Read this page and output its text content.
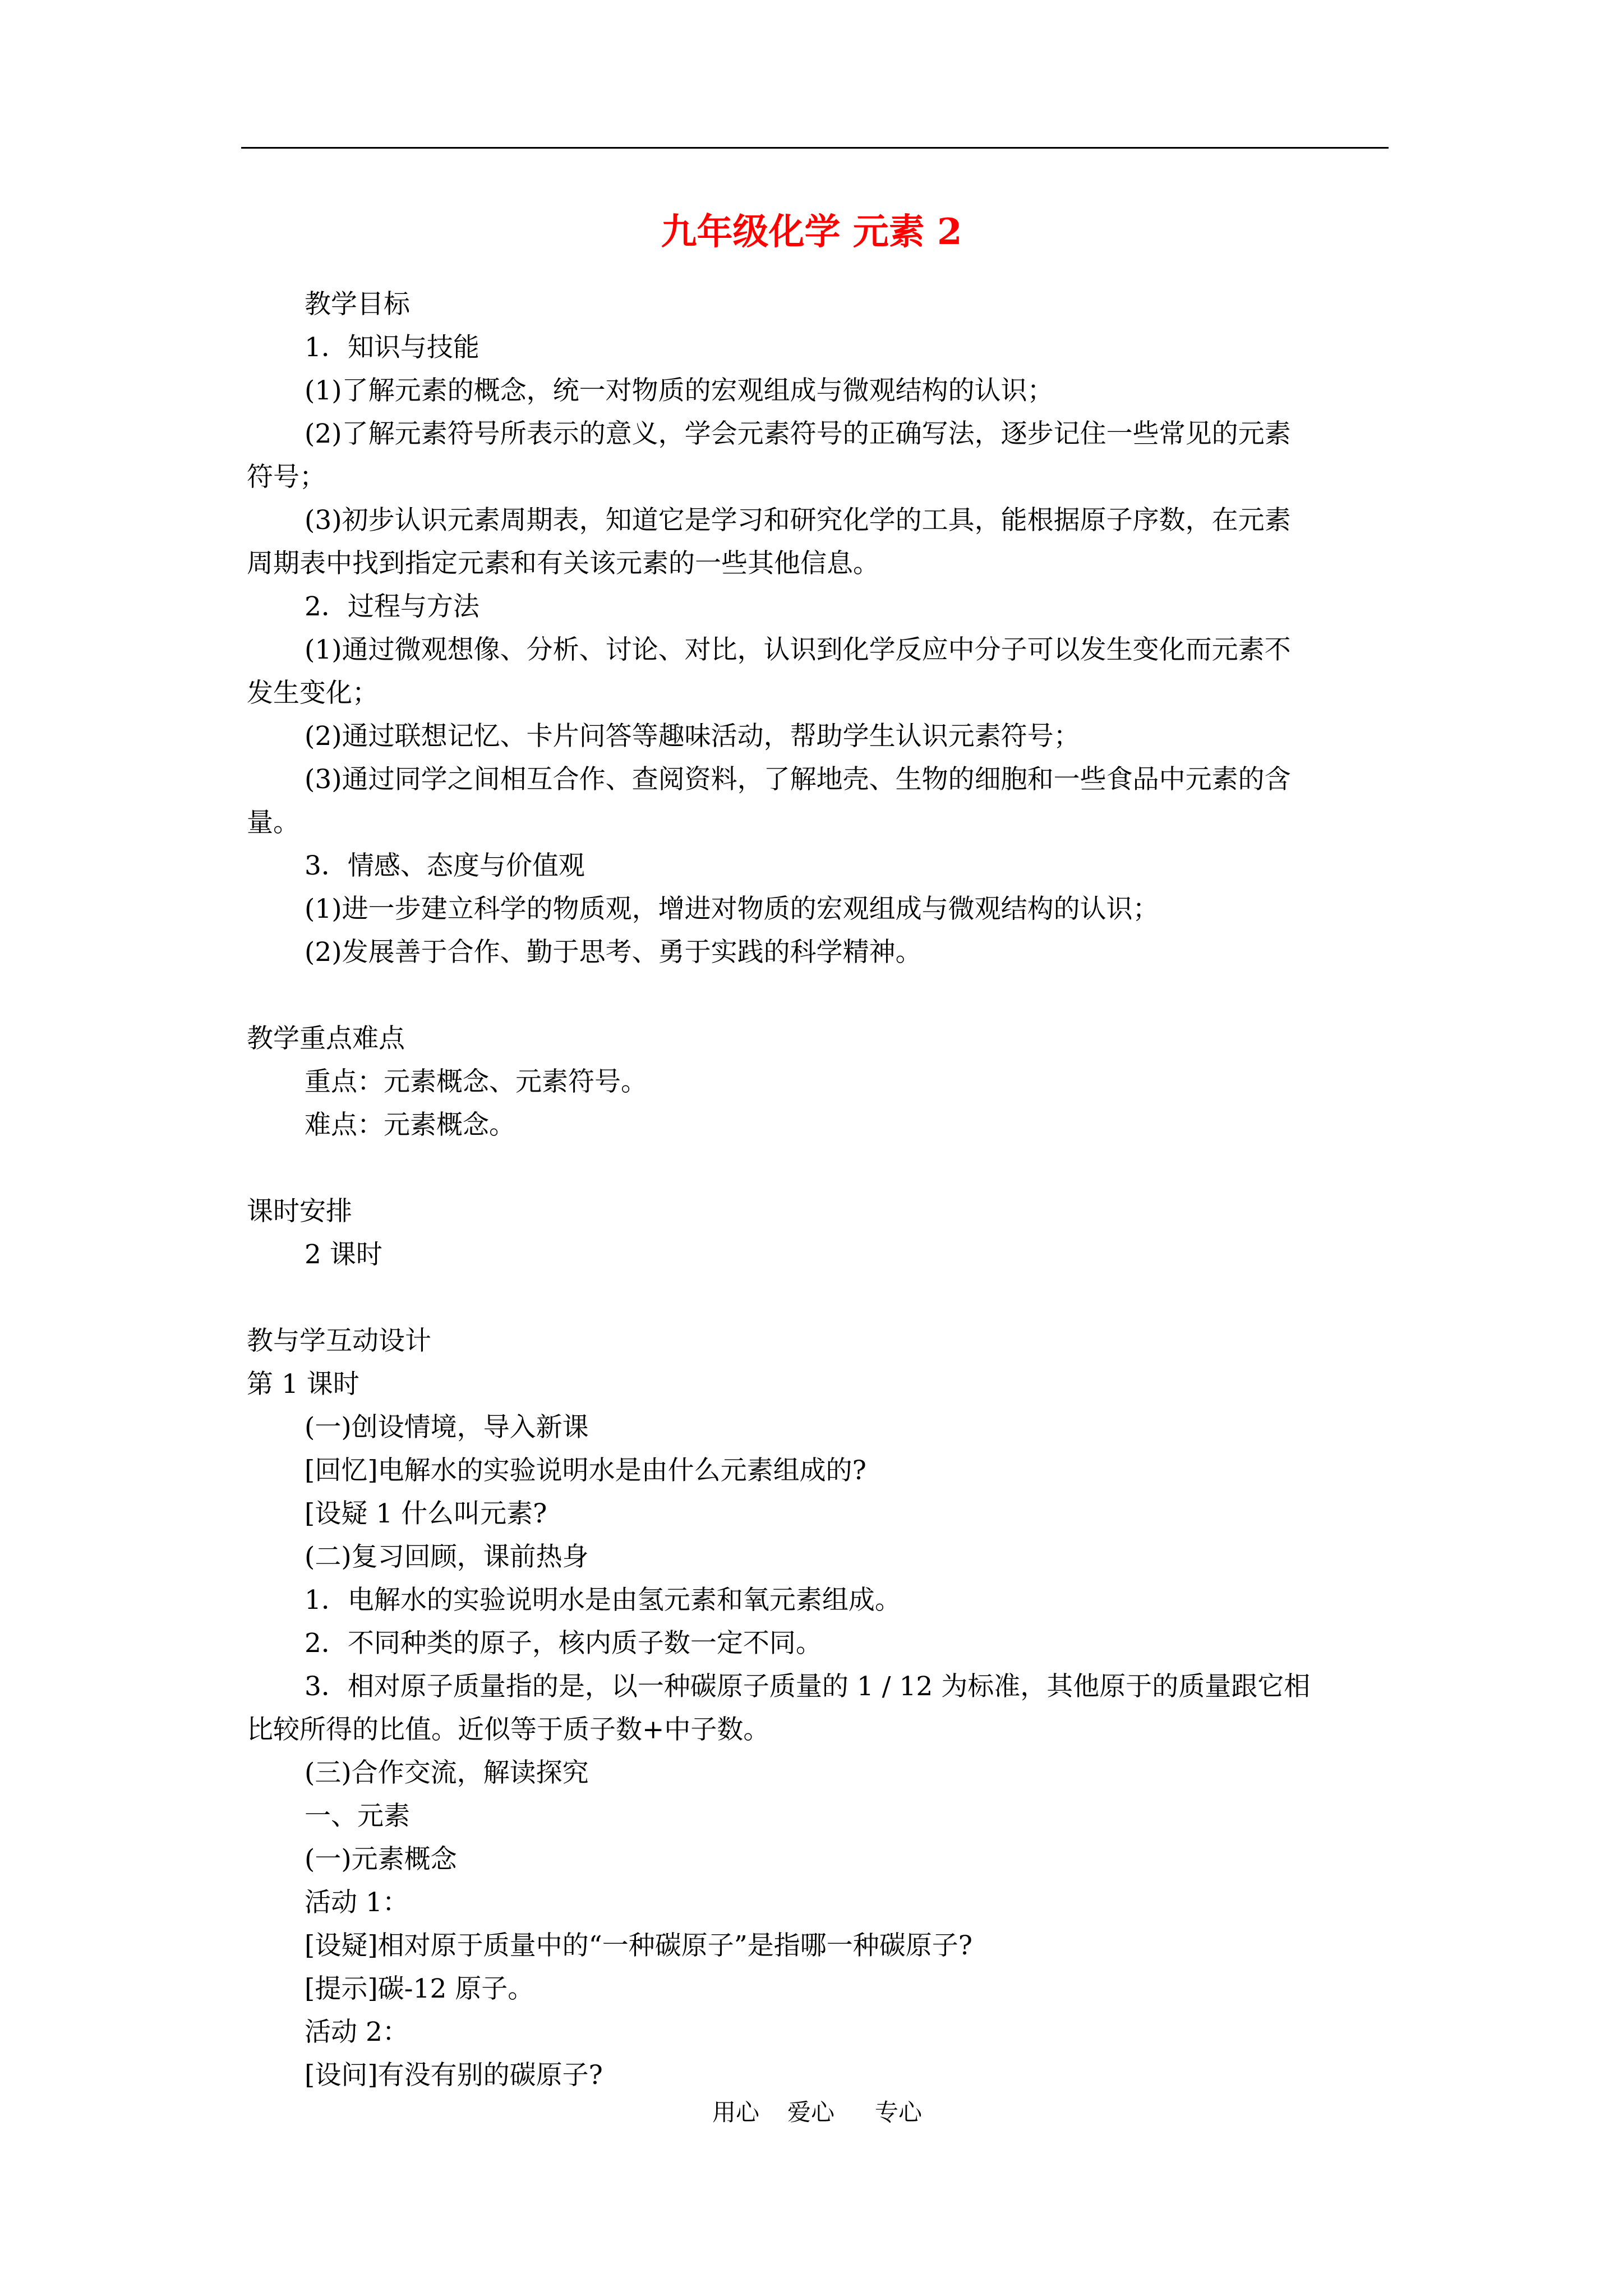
九年级化学 元素 2
教学目标
1．知识与技能
(1)了解元素的概念，统一对物质的宏观组成与微观结构的认识；
(2)了解元素符号所表示的意义，学会元素符号的正确写法，逐步记住一些常见的元素
符号；
(3)初步认识元素周期表，知道它是学习和研究化学的工具，能根据原子序数，在元素
周期表中找到指定元素和有关该元素的一些其他信息。
2．过程与方法
(1)通过微观想像、分析、讨论、对比，认识到化学反应中分子可以发生变化而元素不
发生变化；
(2)通过联想记忆、卡片问答等趣味活动，帮助学生认识元素符号；
(3)通过同学之间相互合作、查阅资料，了解地壳、生物的细胞和一些食品中元素的含
量。
3．情感、态度与价值观
(1)进一步建立科学的物质观，增进对物质的宏观组成与微观结构的认识；
(2)发展善于合作、勤于思考、勇于实践的科学精神。
教学重点难点
重点：元素概念、元素符号。
难点：元素概念。
课时安排
2 课时
教与学互动设计
第 1 课时
(一)创设情境，导入新课
[回忆]电解水的实验说明水是由什么元素组成的?
[设疑 1 什么叫元素?
(二)复习回顾，课前热身
1．电解水的实验说明水是由氢元素和氧元素组成。
2．不同种类的原子，核内质子数一定不同。
3．相对原子质量指的是，以一种碳原子质量的 1 / 12 为标准，其他原于的质量跟它相
比较所得的比值。近似等于质子数+中子数。
(三)合作交流，解读探究
一、元素
(一)元素概念
活动 1：
[设疑]相对原于质量中的“一种碳原子”是指哪一种碳原子?
[提示]碳-12 原子。
活动 2：
[设问]有没有别的碳原子?
用心 爱心 专心
